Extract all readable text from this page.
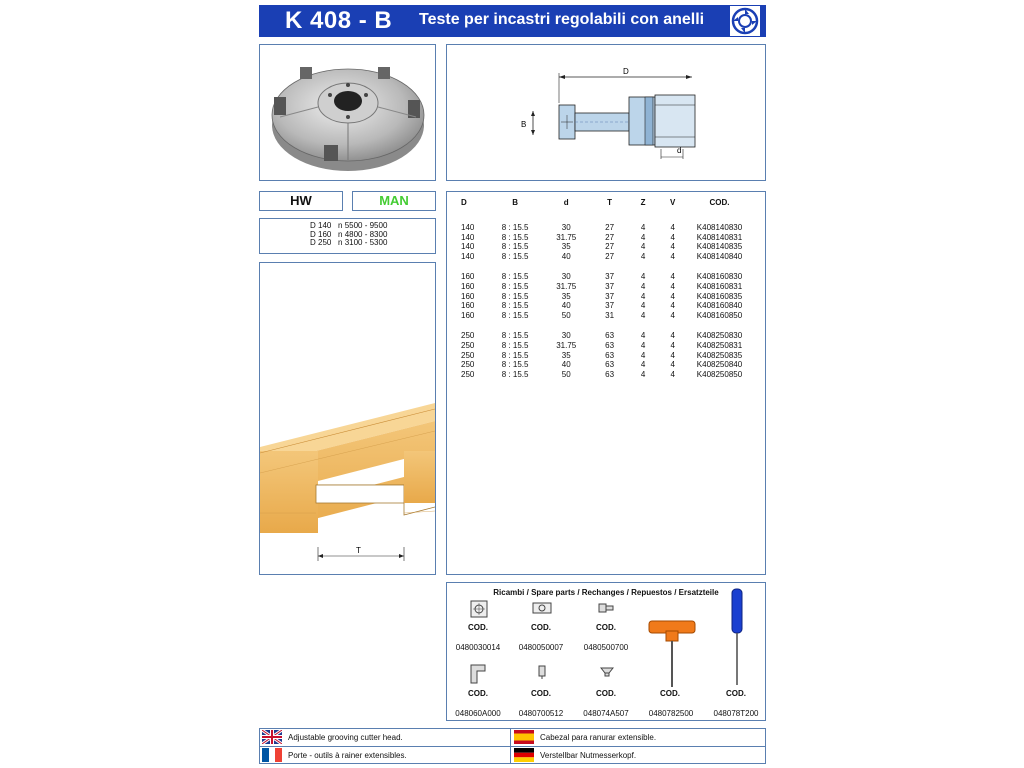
K 408 - B Teste per incastri regolabili con anelli
D
B
d
HW	MAN
D 140   n 5500 - 9500
D 160   n 4800 - 8300
D 250   n 3100 - 5300
T
D	B	d	T	Z	V	COD.
140	8 : 15.5	30	27	4	4	K408140830
140	8 : 15.5	31.75	27	4	4	K408140831
140	8 : 15.5	35	27	4	4	K408140835
140	8 : 15.5	40	27	4	4	K408140840

160	8 : 15.5	30	37	4	4	K408160830
160	8 : 15.5	31.75	37	4	4	K408160831
160	8 : 15.5	35	37	4	4	K408160835
160	8 : 15.5	40	37	4	4	K408160840
160	8 : 15.5	50	31	4	4	K408160850

250	8 : 15.5	30	63	4	4	K408250830
250	8 : 15.5	31.75	63	4	4	K408250831
250	8 : 15.5	35	63	4	4	K408250835
250	8 : 15.5	40	63	4	4	K408250840
250	8 : 15.5	50	63	4	4	K408250850
Ricambi / Spare parts / Rechanges / Repuestos / Ersatzteile
COD.	COD.	COD.
0480030014	0480050007	0480500700
COD.	COD.	COD.	COD.	COD.
048060A000	0480700512	048074A507	0480782500	048078T200
Adjustable grooving cutter head.	Cabezal para ranurar extensible.
Porte - outils à rainer extensibles.	Verstellbar Nutmesserkopf.
